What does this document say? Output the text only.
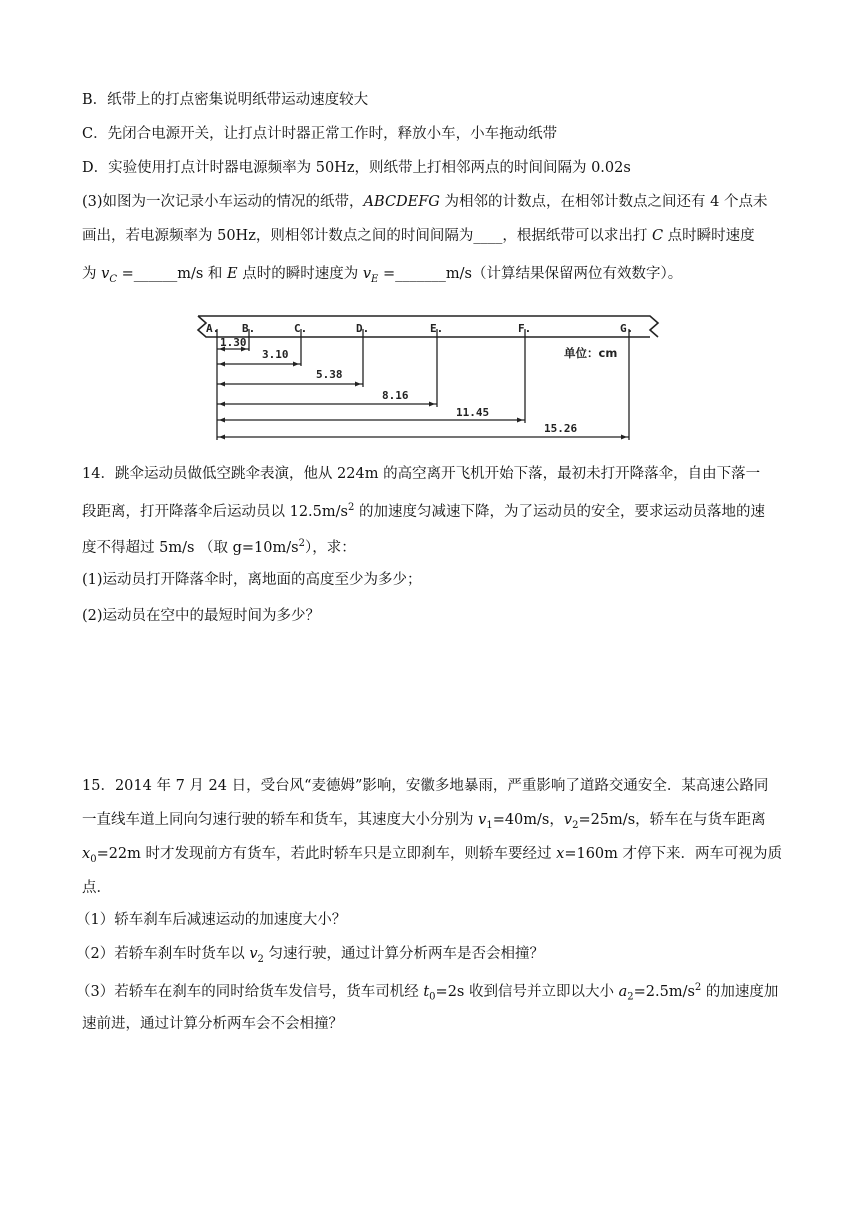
B．纸带上的打点密集说明纸带运动速度较大
C．先闭合电源开关，让打点计时器正常工作时，释放小车，小车拖动纸带
D．实验使用打点计时器电源频率为 50Hz，则纸带上打相邻两点的时间间隔为 0.02s
(3)如图为一次记录小车运动的情况的纸带，ABCDEFG 为相邻的计数点，在相邻计数点之间还有 4 个点未
画出，若电源频率为 50Hz，则相邻计数点之间的时间间隔为____，根据纸带可以求出打 C 点时瞬时速度
为 $v_C$ =______m/s 和 E 点时的瞬时速度为 $v_E$ =_______m/s（计算结果保留两位有效数字）。
A. B.	C.	D.	E.	F.	G.
1.30
3.10
5.38
8.16
11.45
15.26
单位：cm
14．跳伞运动员做低空跳伞表演，他从 224m 的高空离开飞机开始下落，最初未打开降落伞，自由下落一
段距离，打开降落伞后运动员以 $12.5m/s^2$ 的加速度匀减速下降，为了运动员的安全，要求运动员落地的速
度不得超过 5m/s （取 $g=10m/s^2$），求：
(1)运动员打开降落伞时，离地面的高度至少为多少；
(2)运动员在空中的最短时间为多少？
15．2014 年 7 月 24 日，受台风“麦德姆”影响，安徽多地暴雨，严重影响了道路交通安全．某高速公路同
一直线车道上同向匀速行驶的轿车和货车，其速度大小分别为 $v_1=40m/s$，$v_2=25m/s$，轿车在与货车距离
$x_0=22m$ 时才发现前方有货车，若此时轿车只是立即刹车，则轿车要经过 x=160m 才停下来．两车可视为质
点．
（1）轿车刹车后减速运动的加速度大小？
（2）若轿车刹车时货车以 $v_2$ 匀速行驶，通过计算分析两车是否会相撞？
（3）若轿车在刹车的同时给货车发信号，货车司机经 $t_0=2s$ 收到信号并立即以大小 $a_2=2.5m/s^2$ 的加速度加
速前进，通过计算分析两车会不会相撞？
